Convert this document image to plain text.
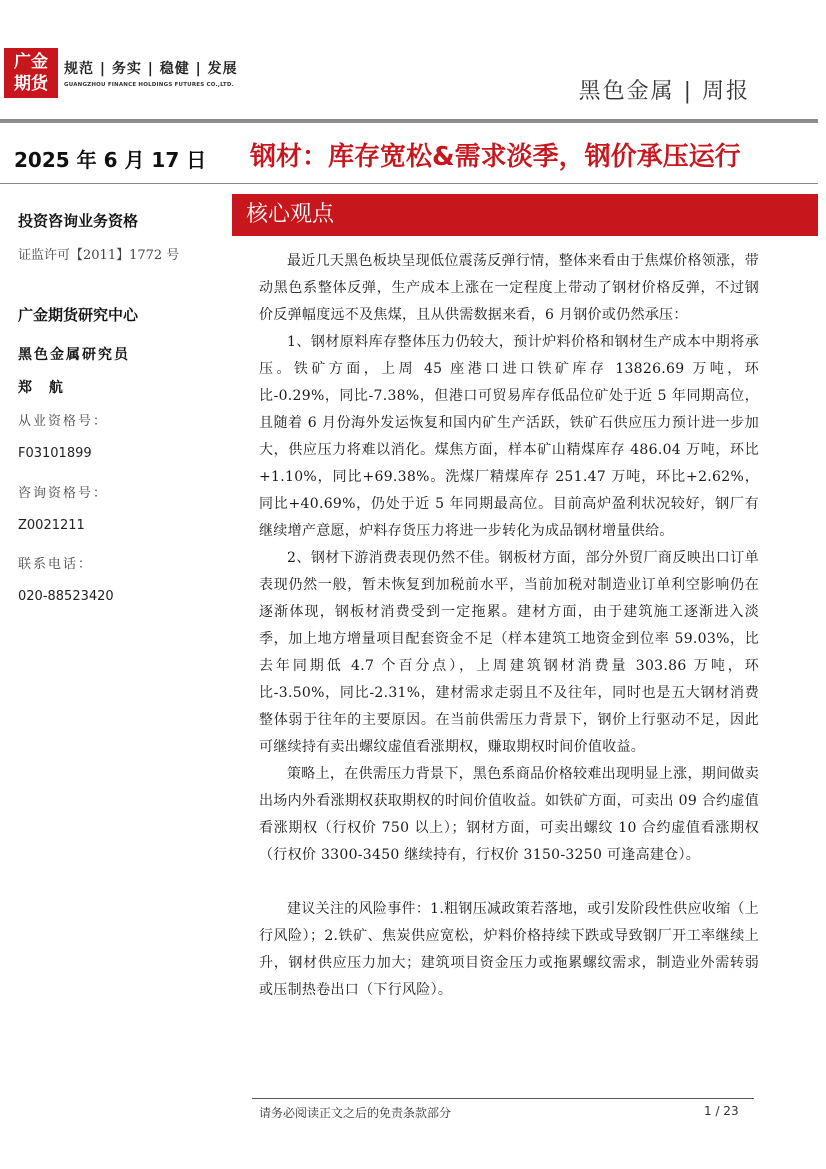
广金
期货
规范 | 务实 | 稳健 | 发展
GUANGZHOU FINANCE HOLDINGS FUTURES CO.,LTD.	黑色金属 | 周报
2025 年 6 月 17 日 钢材：库存宽松&需求淡季，钢价承压运行
核心观点
投资咨询业务资格
证监许可【2011】1772 号
广金期货研究中心
黑色金属研究员
郑 航
从业资格号：
F03101899
咨询资格号：
Z0021211
联系电话：
020-88523420

最近几天黑色板块呈现低位震荡反弹行情，整体来看由于焦煤价格领涨，带动黑色系整体反弹，生产成本上涨在一定程度上带动了钢材价格反弹，不过钢价反弹幅度远不及焦煤，且从供需数据来看，6 月钢价或仍然承压：

1、钢材原料库存整体压力仍较大，预计炉料价格和钢材生产成本中期将承压。铁矿方面，上周 45 座港口进口铁矿库存 13826.69 万吨，环比-0.29%，同比-7.38%，但港口可贸易库存低品位矿处于近 5 年同期高位，且随着 6 月份海外发运恢复和国内矿生产活跃，铁矿石供应压力预计进一步加大，供应压力将难以消化。煤焦方面，样本矿山精煤库存 486.04 万吨，环比+1.10%，同比+69.38%。洗煤厂精煤库存 251.47 万吨，环比+2.62%，同比+40.69%，仍处于近 5 年同期最高位。目前高炉盈利状况较好，钢厂有继续增产意愿，炉料存货压力将进一步转化为成品钢材增量供给。

2、钢材下游消费表现仍然不佳。钢板材方面，部分外贸厂商反映出口订单表现仍然一般，暂未恢复到加税前水平，当前加税对制造业订单利空影响仍在逐渐体现，钢板材消费受到一定拖累。建材方面，由于建筑施工逐渐进入淡季，加上地方增量项目配套资金不足（样本建筑工地资金到位率 59.03%，比去年同期低 4.7 个百分点），上周建筑钢材消费量 303.86 万吨，环比-3.50%，同比-2.31%，建材需求走弱且不及往年，同时也是五大钢材消费整体弱于往年的主要原因。在当前供需压力背景下，钢价上行驱动不足，因此可继续持有卖出螺纹虚值看涨期权，赚取期权时间价值收益。

策略上，在供需压力背景下，黑色系商品价格较难出现明显上涨，期间做卖出场内外看涨期权获取期权的时间价值收益。如铁矿方面，可卖出 09 合约虚值看涨期权（行权价 750 以上）；钢材方面，可卖出螺纹 10 合约虚值看涨期权（行权价 3300-3450 继续持有，行权价 3150-3250 可逢高建仓）。

建议关注的风险事件：1.粗钢压减政策若落地，或引发阶段性供应收缩（上行风险）；2.铁矿、焦炭供应宽松，炉料价格持续下跌或导致钢厂开工率继续上升，钢材供应压力加大；建筑项目资金压力或拖累螺纹需求，制造业外需转弱或压制热卷出口（下行风险）。

请务必阅读正文之后的免责条款部分	1 / 23
